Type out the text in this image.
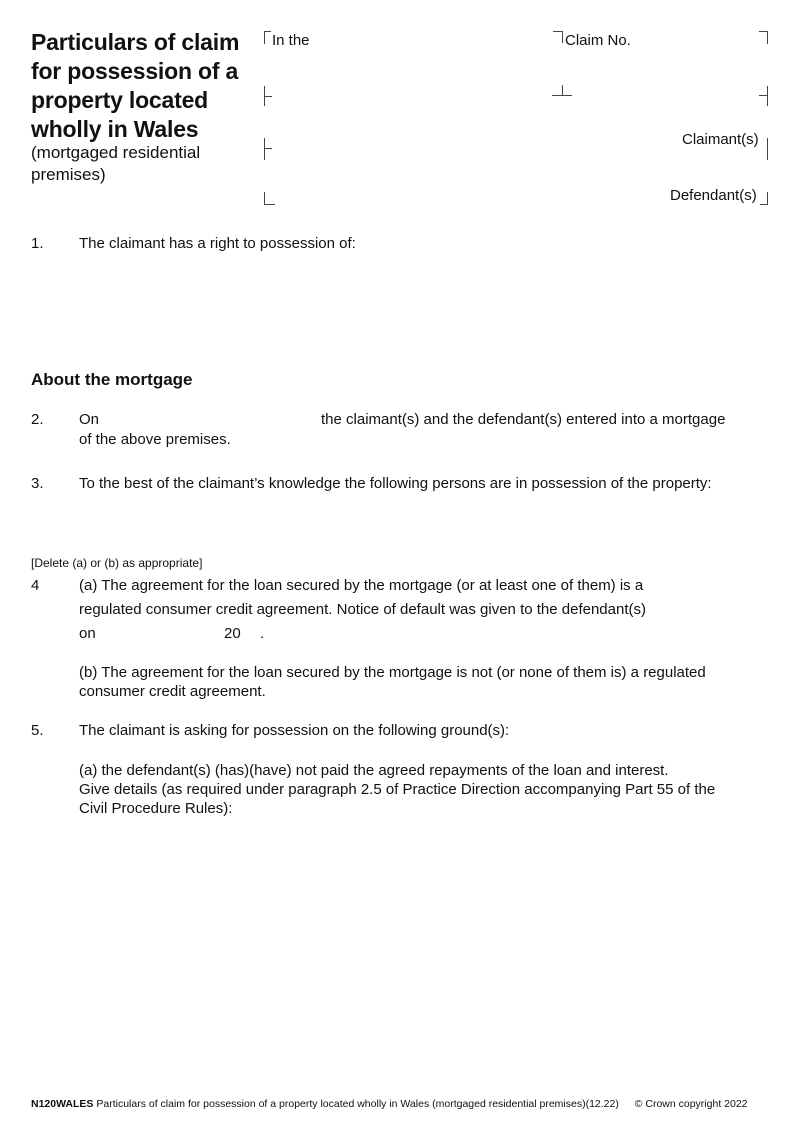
Particulars of claim for possession of a property located wholly in Wales
(mortgaged residential premises)
In the	Claim No.
Claimant(s)
Defendant(s)
1. The claimant has a right to possession of:
About the mortgage
2. On	the claimant(s) and the defendant(s) entered into a mortgage
of the above premises.
3. To the best of the claimant’s knowledge the following persons are in possession of the property:
[Delete (a) or (b) as appropriate]
4	(a) The agreement for the loan secured by the mortgage (or at least one of them) is a
regulated consumer credit agreement. Notice of default was given to the defendant(s)
on	20 .
(b) The agreement for the loan secured by the mortgage is not (or none of them is) a regulated
consumer credit agreement.
5. The claimant is asking for possession on the following ground(s):
(a) the defendant(s) (has)(have) not paid the agreed repayments of the loan and interest.
Give details (as required under paragraph 2.5 of Practice Direction accompanying Part 55 of the
Civil Procedure Rules):
N120WALES Particulars of claim for possession of a property located wholly in Wales (mortgaged residential premises)(12.22) © Crown copyright 2022
